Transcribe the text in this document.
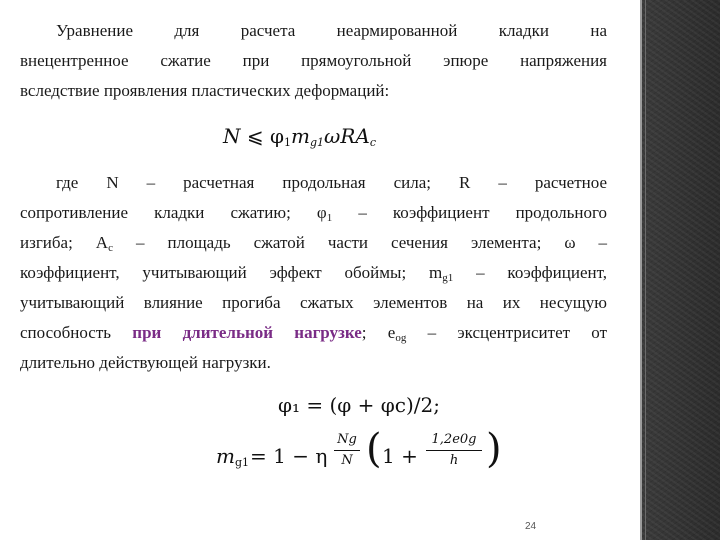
Уравнение для расчета неармированной кладки на
внецентренное сжатие при прямоугольной эпюре напряжения
вследствие проявления пластических деформаций:
N ⩽ $\varphi_1m_{g1}\omega RA_c$
где N – расчетная продольная сила; R – расчетное
сопротивление кладки сжатию; $\varphi_1$ – коэффициент продольного
изгиба; $A_c$ – площадь сжатой части сечения элемента; ω –
коэффициент, учитывающий эффект обоймы; $m_{g1}$ – коэффициент,
учитывающий влияние прогиба сжатых элементов на их несущую
способность при длительной нагрузке; $e_{og}$ – эксцентриситет от
длительно действующей нагрузки.
φ₁ = (φ + φc)/2;
$m_{g1} = 1 - \eta$
Ng
N ( 1 +
1,2e0g
h )
24
